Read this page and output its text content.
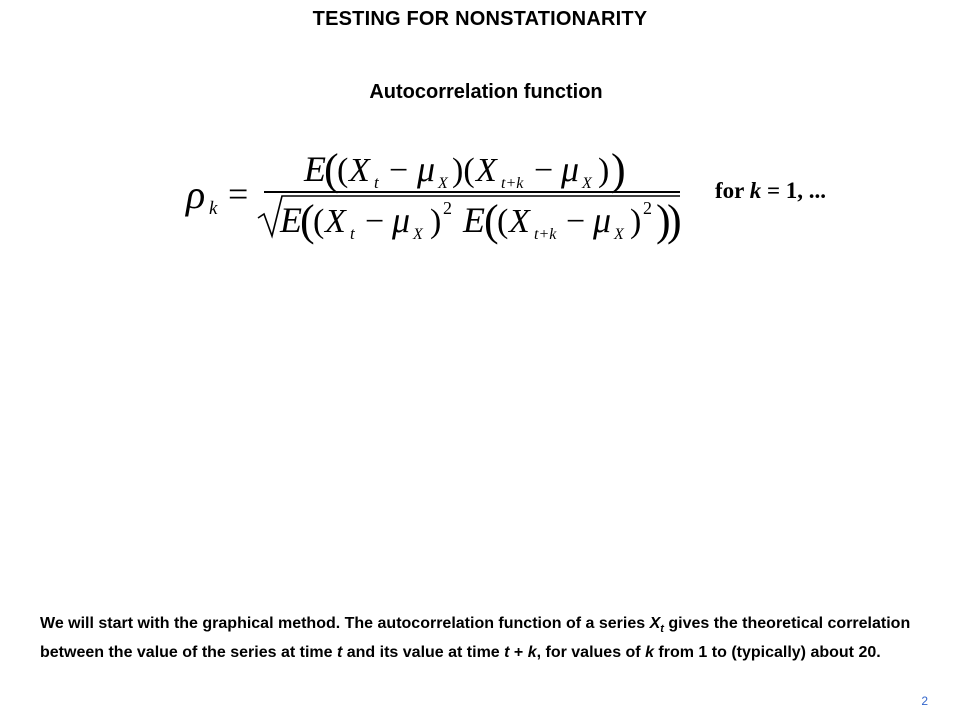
TESTING FOR NONSTATIONARITY
Autocorrelation function
ρ k =
E
(
( X t − μ X )( X t+k − μ X ) )
E
(
( X t − μ X ) 2 E (
( X t+k − μ X ) 2 )
)
for k = 1, ...
We will start with the graphical method. The autocorrelation function of a series $X_t$ gives the theoretical correlation between the value of the series at time t and its value at time t + k, for values of k from 1 to (typically) about 20.
2
